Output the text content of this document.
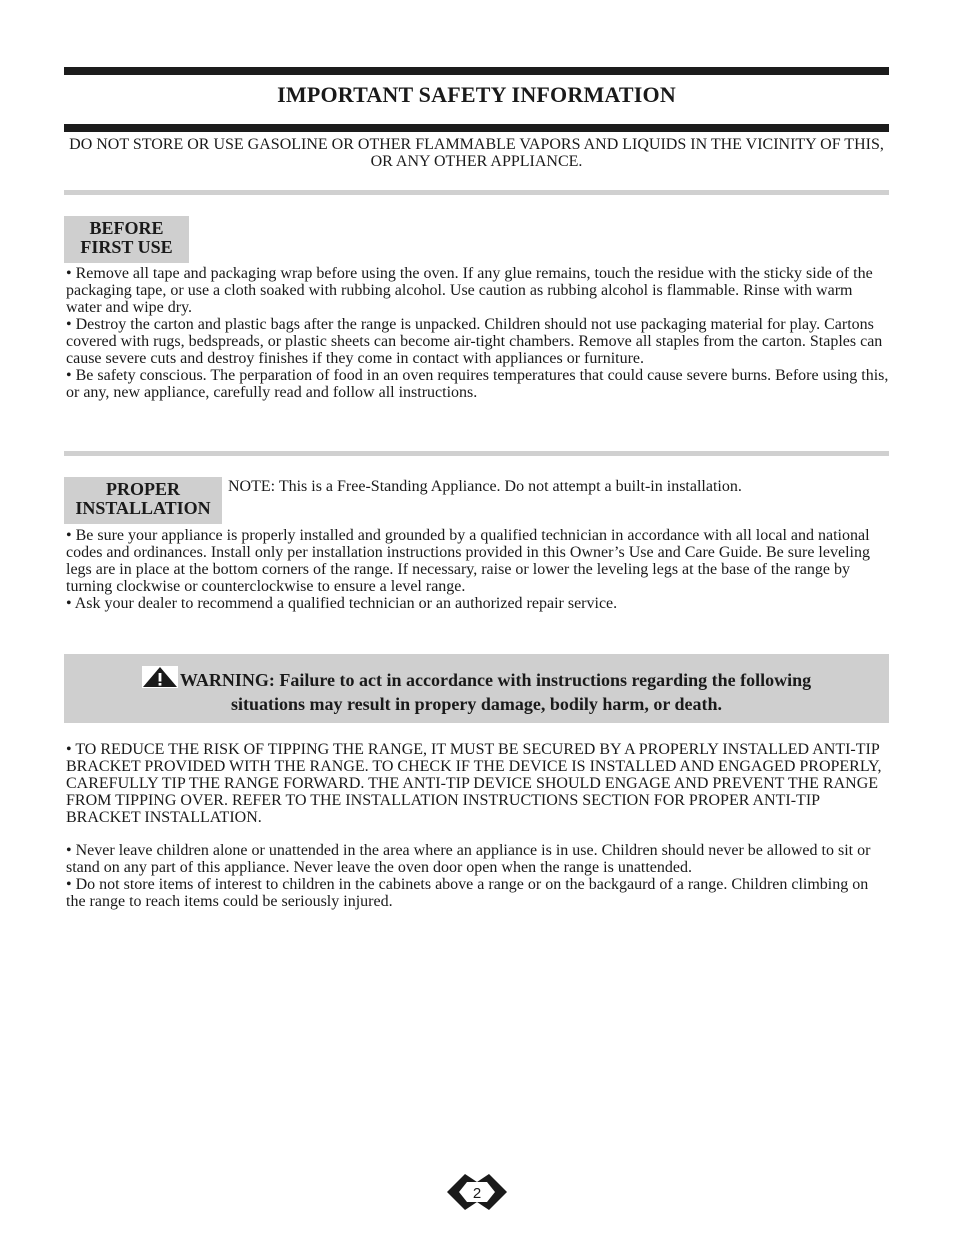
IMPORTANT SAFETY INFORMATION
DO NOT STORE OR USE GASOLINE OR OTHER FLAMMABLE VAPORS AND LIQUIDS IN THE VICINITY OF THIS, OR ANY OTHER APPLIANCE.
BEFORE
FIRST USE

• Remove all tape and packaging wrap before using the oven. If any glue remains, touch the residue with the sticky side of the packaging tape, or use a cloth soaked with rubbing alcohol. Use caution as rubbing alcohol is flammable. Rinse with warm water and wipe dry.

• Destroy the carton and plastic bags after the range is unpacked. Children should not use packaging material for play. Cartons covered with rugs, bedspreads, or plastic sheets can become air-tight chambers. Remove all staples from the carton. Staples can cause severe cuts and destroy finishes if they come in contact with appliances or furniture.

• Be safety conscious. The perparation of food in an oven requires temperatures that could cause severe burns. Before using this, or any, new appliance, carefully read and follow all instructions.

PROPER
INSTALLATION
NOTE: This is a Free-Standing Appliance. Do not attempt a built-in installation.

• Be sure your appliance is properly installed and grounded by a qualified technician in accordance with all local and national codes and ordinances. Install only per installation instructions provided in this Owner’s Use and Care Guide. Be sure leveling legs are in place at the bottom corners of the range. If necessary, raise or lower the leveling legs at the base of the range by turning clockwise or counterclockwise to ensure a level range.

• Ask your dealer to recommend a qualified technician or an authorized repair service.

WARNING: Failure to act in accordance with instructions regarding the following
situations may result in propery damage, bodily harm, or death.

• TO REDUCE THE RISK OF TIPPING THE RANGE, IT MUST BE SECURED BY A PROPERLY INSTALLED ANTI-TIP BRACKET PROVIDED WITH THE RANGE. TO CHECK IF THE DEVICE IS INSTALLED AND ENGAGED PROPERLY, CAREFULLY TIP THE RANGE FORWARD. THE ANTI-TIP DEVICE SHOULD ENGAGE AND PREVENT THE RANGE FROM TIPPING OVER. REFER TO THE INSTALLATION INSTRUCTIONS SECTION FOR PROPER ANTI-TIP BRACKET INSTALLATION.

• Never leave children alone or unattended in the area where an appliance is in use. Children should never be allowed to sit or stand on any part of this appliance. Never leave the oven door open when the range is unattended.

• Do not store items of interest to children in the cabinets above a range or on the backgaurd of a range. Children climbing on the range to reach items could be seriously injured.

2
